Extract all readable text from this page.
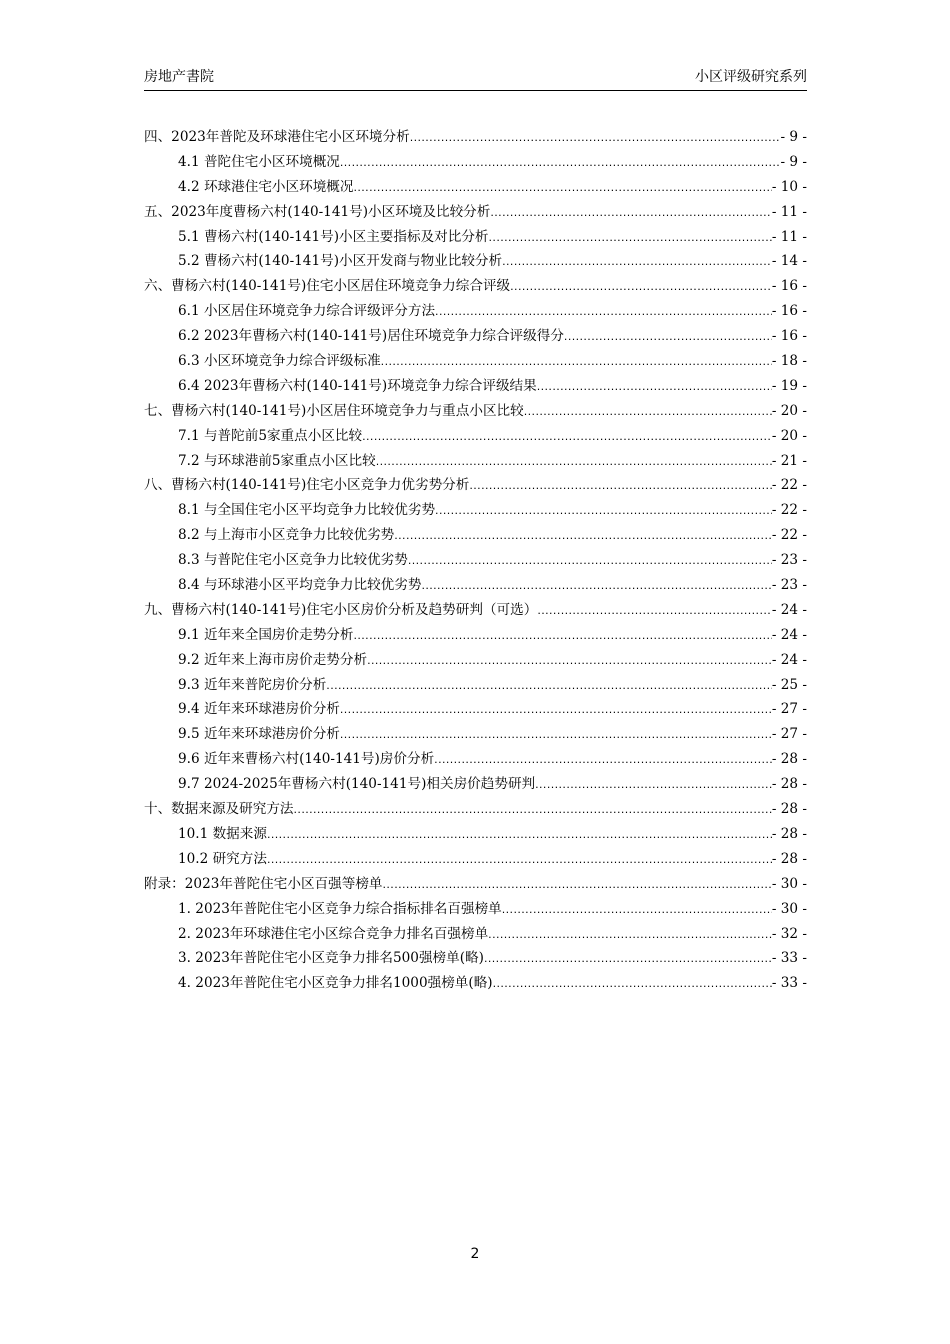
房地产書院	小区评级研究系列
四、2023年普陀及环球港住宅小区环境分析 .....	- 9 -
4.1 普陀住宅小区环境概况 .....	- 9 -
4.2 环球港住宅小区环境概况 .....	- 10 -
五、2023年度曹杨六村(140-141号)小区环境及比较分析 .....	- 11 -
5.1 曹杨六村(140-141号)小区主要指标及对比分析 .....	- 11 -
5.2 曹杨六村(140-141号)小区开发商与物业比较分析 .....	- 14 -
六、曹杨六村(140-141号)住宅小区居住环境竞争力综合评级 .....	- 16 -
6.1 小区居住环境竞争力综合评级评分方法 .....	- 16 -
6.2 2023年曹杨六村(140-141号)居住环境竞争力综合评级得分 .....	- 16 -
6.3 小区环境竞争力综合评级标准 .....	- 18 -
6.4 2023年曹杨六村(140-141号)环境竞争力综合评级结果 .....	- 19 -
七、曹杨六村(140-141号)小区居住环境竞争力与重点小区比较 .....	- 20 -
7.1 与普陀前5家重点小区比较 .....	- 20 -
7.2 与环球港前5家重点小区比较 .....	- 21 -
八、曹杨六村(140-141号)住宅小区竞争力优劣势分析 .....	- 22 -
8.1 与全国住宅小区平均竞争力比较优劣势 .....	- 22 -
8.2 与上海市小区竞争力比较优劣势 .....	- 22 -
8.3 与普陀住宅小区竞争力比较优劣势 .....	- 23 -
8.4 与环球港小区平均竞争力比较优劣势 .....	- 23 -
九、曹杨六村(140-141号)住宅小区房价分析及趋势研判（可选） .....	- 24 -
9.1 近年来全国房价走势分析 .....	- 24 -
9.2 近年来上海市房价走势分析 .....	- 24 -
9.3 近年来普陀房价分析 .....	- 25 -
9.4 近年来环球港房价分析 .....	- 27 -
9.5 近年来环球港房价分析 .....	- 27 -
9.6 近年来曹杨六村(140-141号)房价分析 .....	- 28 -
9.7 2024-2025年曹杨六村(140-141号)相关房价趋势研判 .....	- 28 -
十、数据来源及研究方法 .....	- 28 -
10.1 数据来源 .....	- 28 -
10.2 研究方法 .....	- 28 -
附录：2023年普陀住宅小区百强等榜单 .....	- 30 -
1. 2023年普陀住宅小区竞争力综合指标排名百强榜单 .....	- 30 -
2. 2023年环球港住宅小区综合竞争力排名百强榜单 .....	- 32 -
3. 2023年普陀住宅小区竞争力排名500强榜单(略) .....	- 33 -
4. 2023年普陀住宅小区竞争力排名1000强榜单(略) .....	- 33 -
2
